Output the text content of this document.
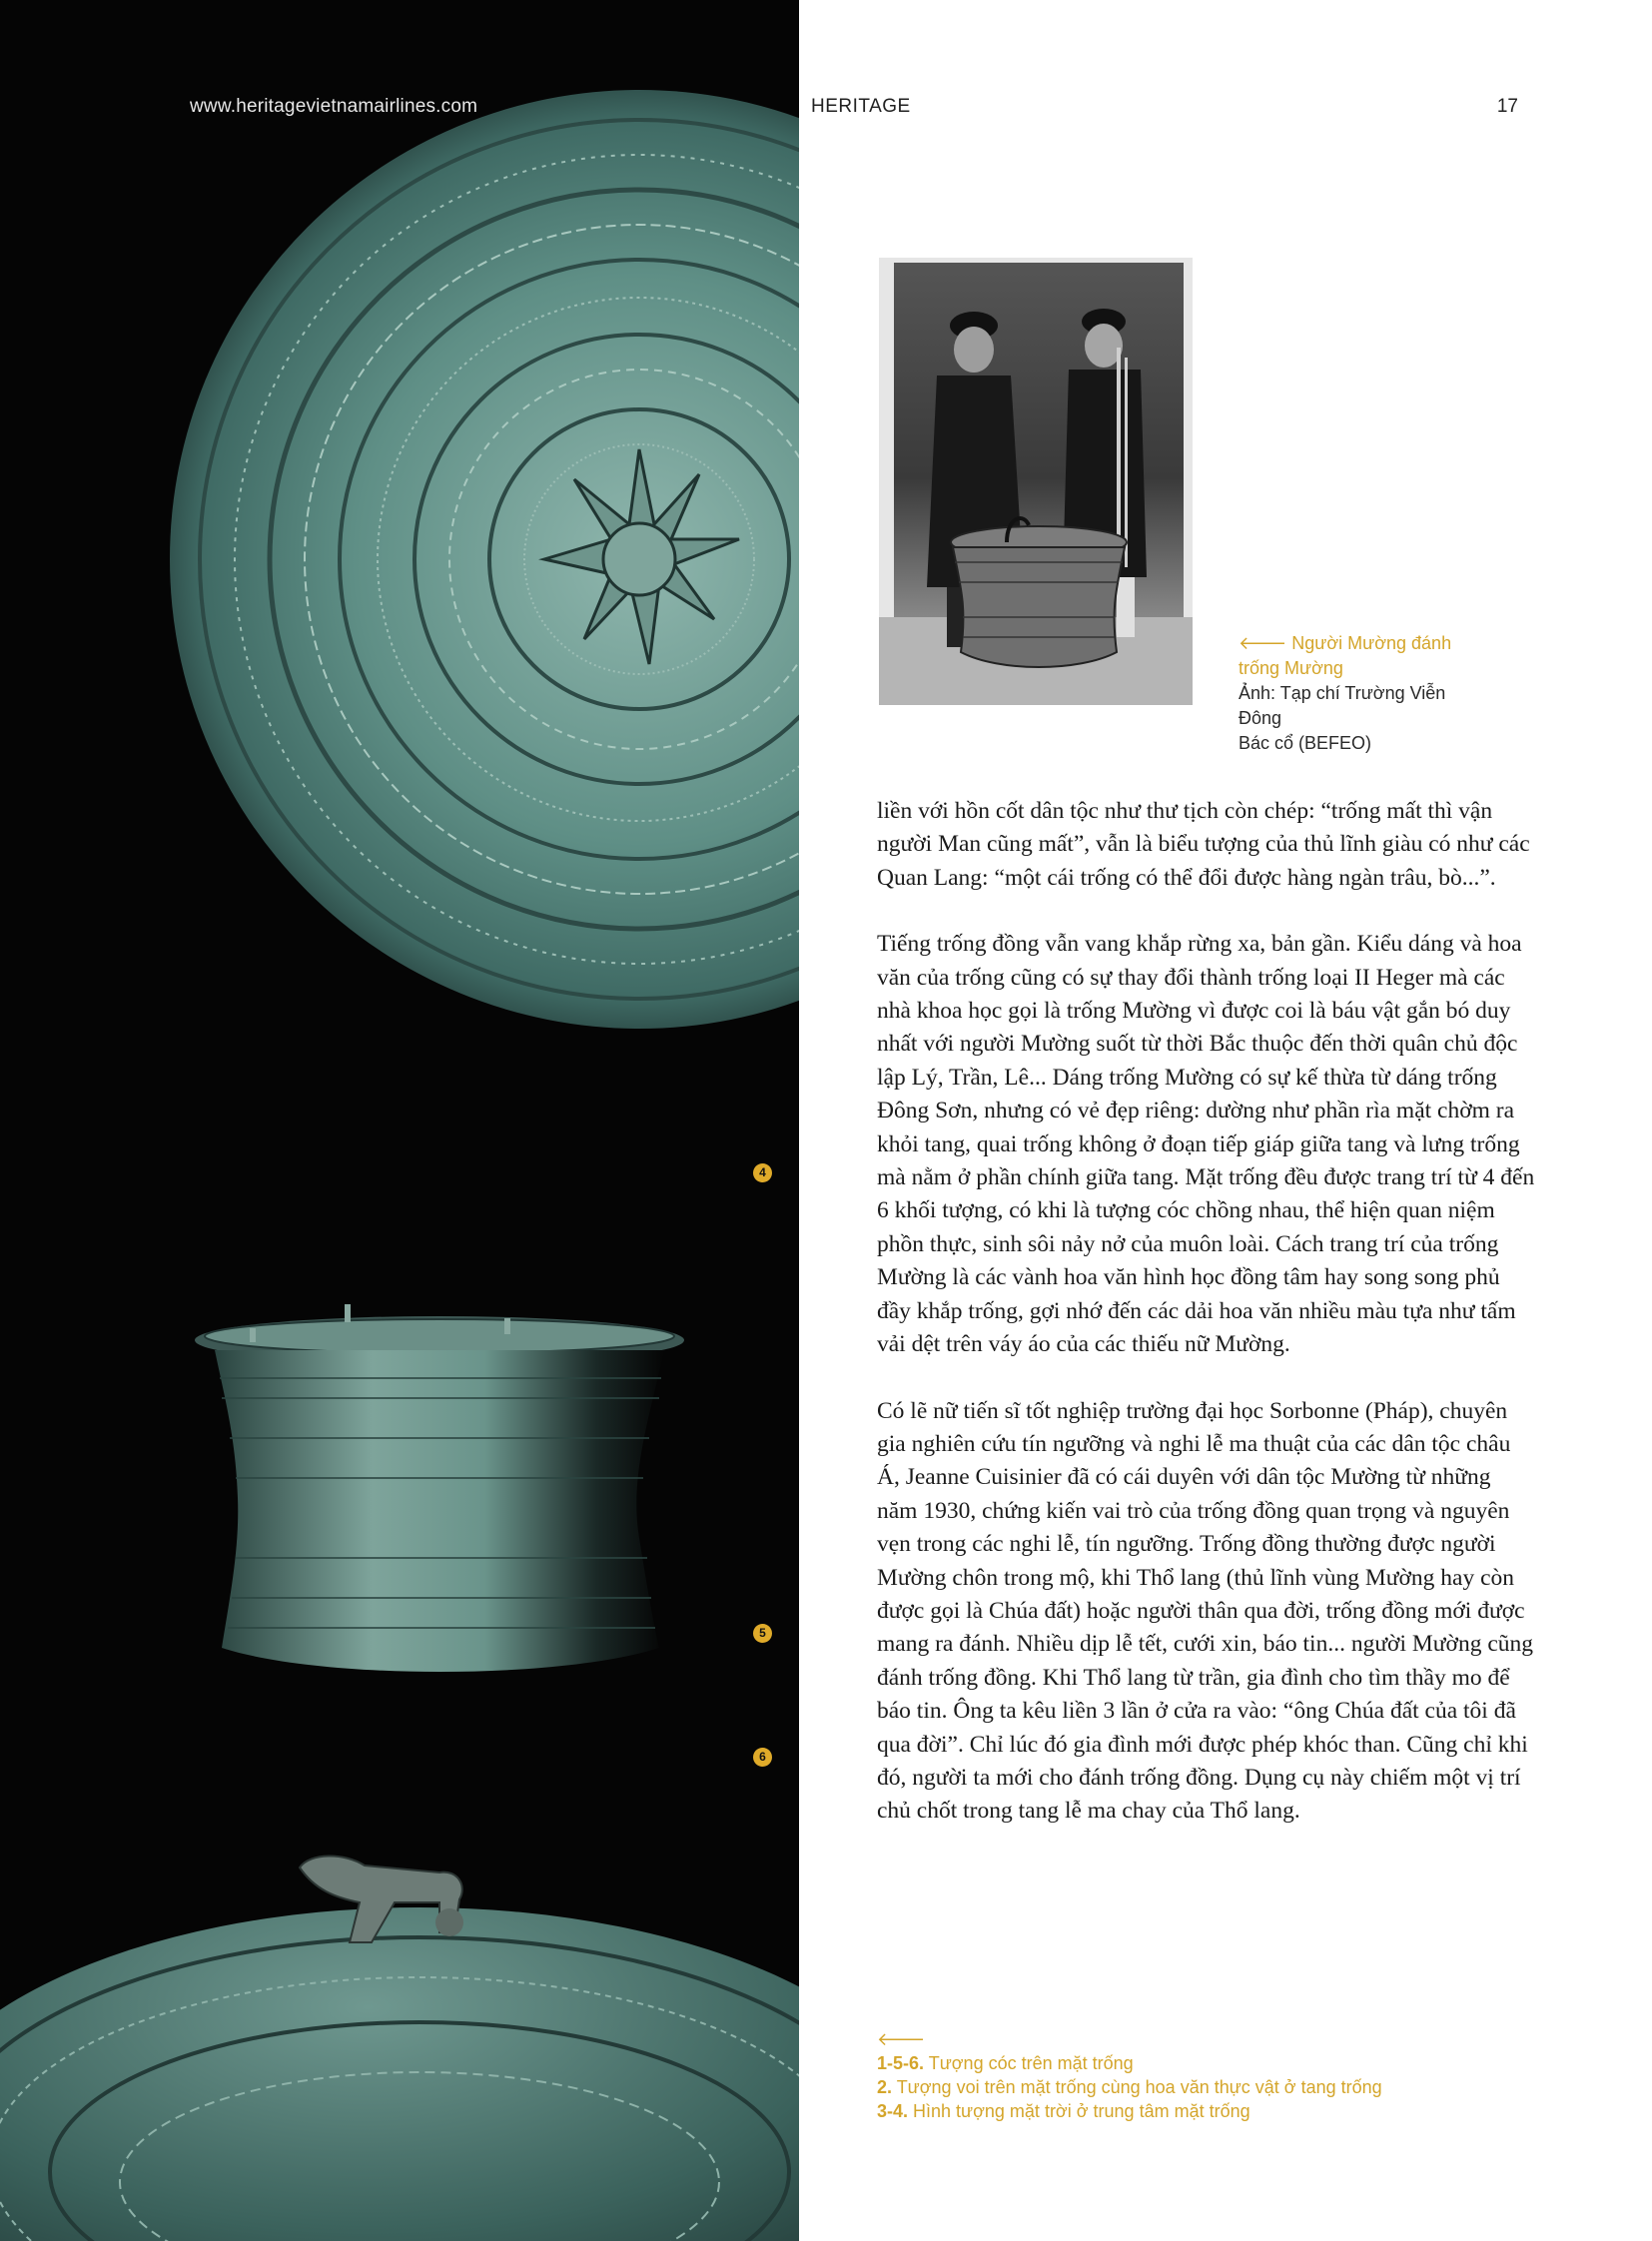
www.heritagevietnamairlines.com
4
5
6
HERITAGE	17
🡐 Người Mường đánh
trống Mường
Ảnh: Tạp chí Trường Viễn Đông
Bác cổ (BEFEO)

liền với hồn cốt dân tộc như thư tịch còn chép: “trống mất thì vận người Man cũng mất”, vẫn là biểu tượng của thủ lĩnh giàu có như các Quan Lang: “một cái trống có thể đổi được hàng ngàn trâu, bò...”.

Tiếng trống đồng vẫn vang khắp rừng xa, bản gần. Kiểu dáng và hoa văn của trống cũng có sự thay đổi thành trống loại II Heger mà các nhà khoa học gọi là trống Mường vì được coi là báu vật gắn bó duy nhất với người Mường suốt từ thời Bắc thuộc đến thời quân chủ độc lập Lý, Trần, Lê... Dáng trống Mường có sự kế thừa từ dáng trống Đông Sơn, nhưng có vẻ đẹp riêng: dường như phần rìa mặt chờm ra khỏi tang, quai trống không ở đoạn tiếp giáp giữa tang và lưng trống mà nằm ở phần chính giữa tang. Mặt trống đều được trang trí từ 4 đến 6 khối tượng, có khi là tượng cóc chồng nhau, thể hiện quan niệm phồn thực, sinh sôi nảy nở của muôn loài. Cách trang trí của trống Mường là các vành hoa văn hình học đồng tâm hay song song phủ đầy khắp trống, gợi nhớ đến các dải hoa văn nhiều màu tựa như tấm vải dệt trên váy áo của các thiếu nữ Mường.

Có lẽ nữ tiến sĩ tốt nghiệp trường đại học Sorbonne (Pháp), chuyên gia nghiên cứu tín ngưỡng và nghi lễ ma thuật của các dân tộc châu Á, Jeanne Cuisinier đã có cái duyên với dân tộc Mường từ những năm 1930, chứng kiến vai trò của trống đồng quan trọng và nguyên vẹn trong các nghi lễ, tín ngưỡng. Trống đồng thường được người Mường chôn trong mộ, khi Thổ lang (thủ lĩnh vùng Mường hay còn được gọi là Chúa đất) hoặc người thân qua đời, trống đồng mới được mang ra đánh. Nhiều dịp lễ tết, cưới xin, báo tin... người Mường cũng đánh trống đồng. Khi Thổ lang từ trần, gia đình cho tìm thầy mo để báo tin. Ông ta kêu liền 3 lần ở cửa ra vào: “ông Chúa đất của tôi đã qua đời”. Chỉ lúc đó gia đình mới được phép khóc than. Cũng chỉ khi đó, người ta mới cho đánh trống đồng. Dụng cụ này chiếm một vị trí chủ chốt trong tang lễ ma chay của Thổ lang.

🡐
1-5-6. Tượng cóc trên mặt trống
2. Tượng voi trên mặt trống cùng hoa văn thực vật ở tang trống
3-4. Hình tượng mặt trời ở trung tâm mặt trống
